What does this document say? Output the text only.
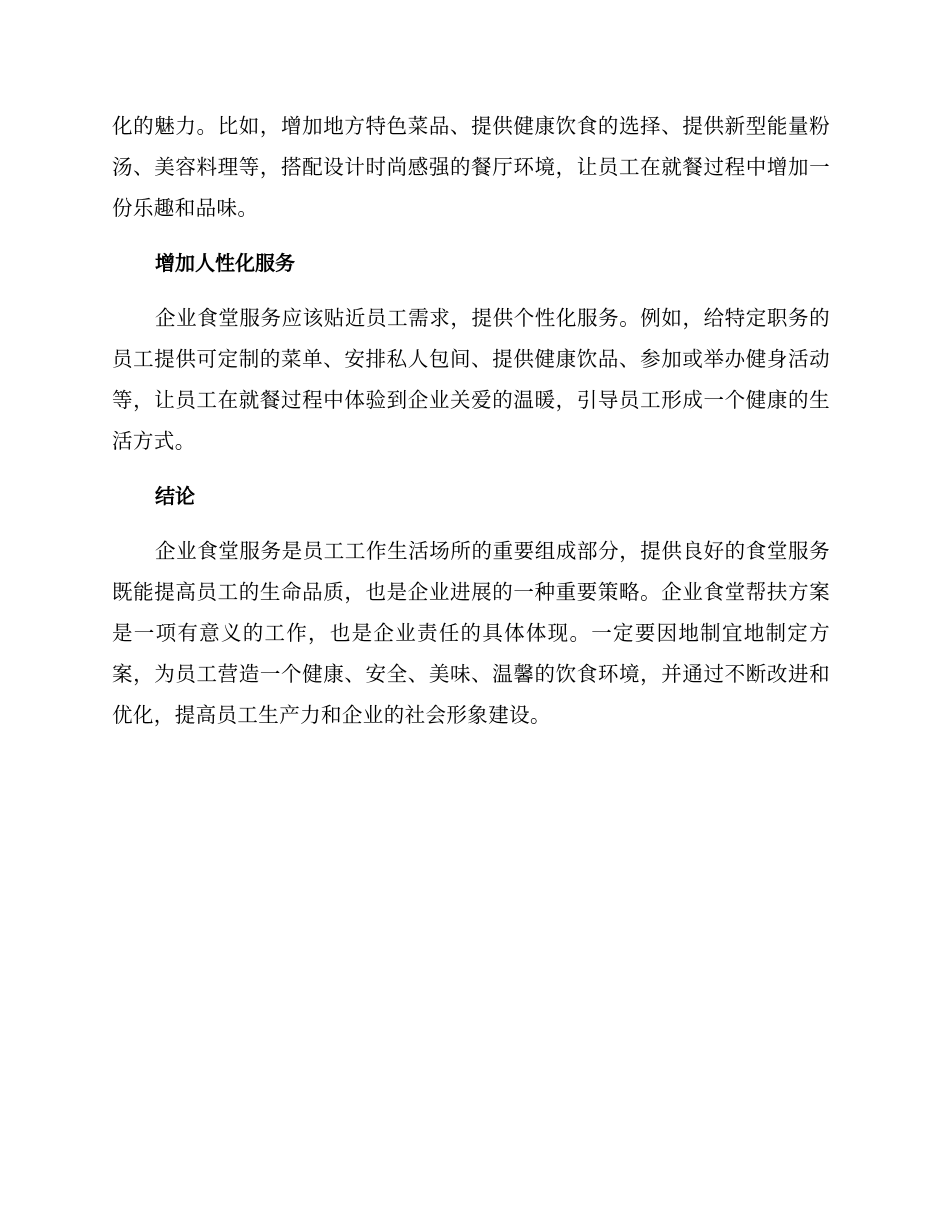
化的魅力。比如，增加地方特色菜品、提供健康饮食的选择、提供新型能量粉汤、美容料理等，搭配设计时尚感强的餐厅环境，让员工在就餐过程中增加一份乐趣和品味。

增加人性化服务

企业食堂服务应该贴近员工需求，提供个性化服务。例如，给特定职务的员工提供可定制的菜单、安排私人包间、提供健康饮品、参加或举办健身活动等，让员工在就餐过程中体验到企业关爱的温暖，引导员工形成一个健康的生活方式。

结论

企业食堂服务是员工工作生活场所的重要组成部分，提供良好的食堂服务既能提高员工的生命品质，也是企业进展的一种重要策略。企业食堂帮扶方案是一项有意义的工作，也是企业责任的具体体现。一定要因地制宜地制定方案，为员工营造一个健康、安全、美味、温馨的饮食环境，并通过不断改进和优化，提高员工生产力和企业的社会形象建设。
